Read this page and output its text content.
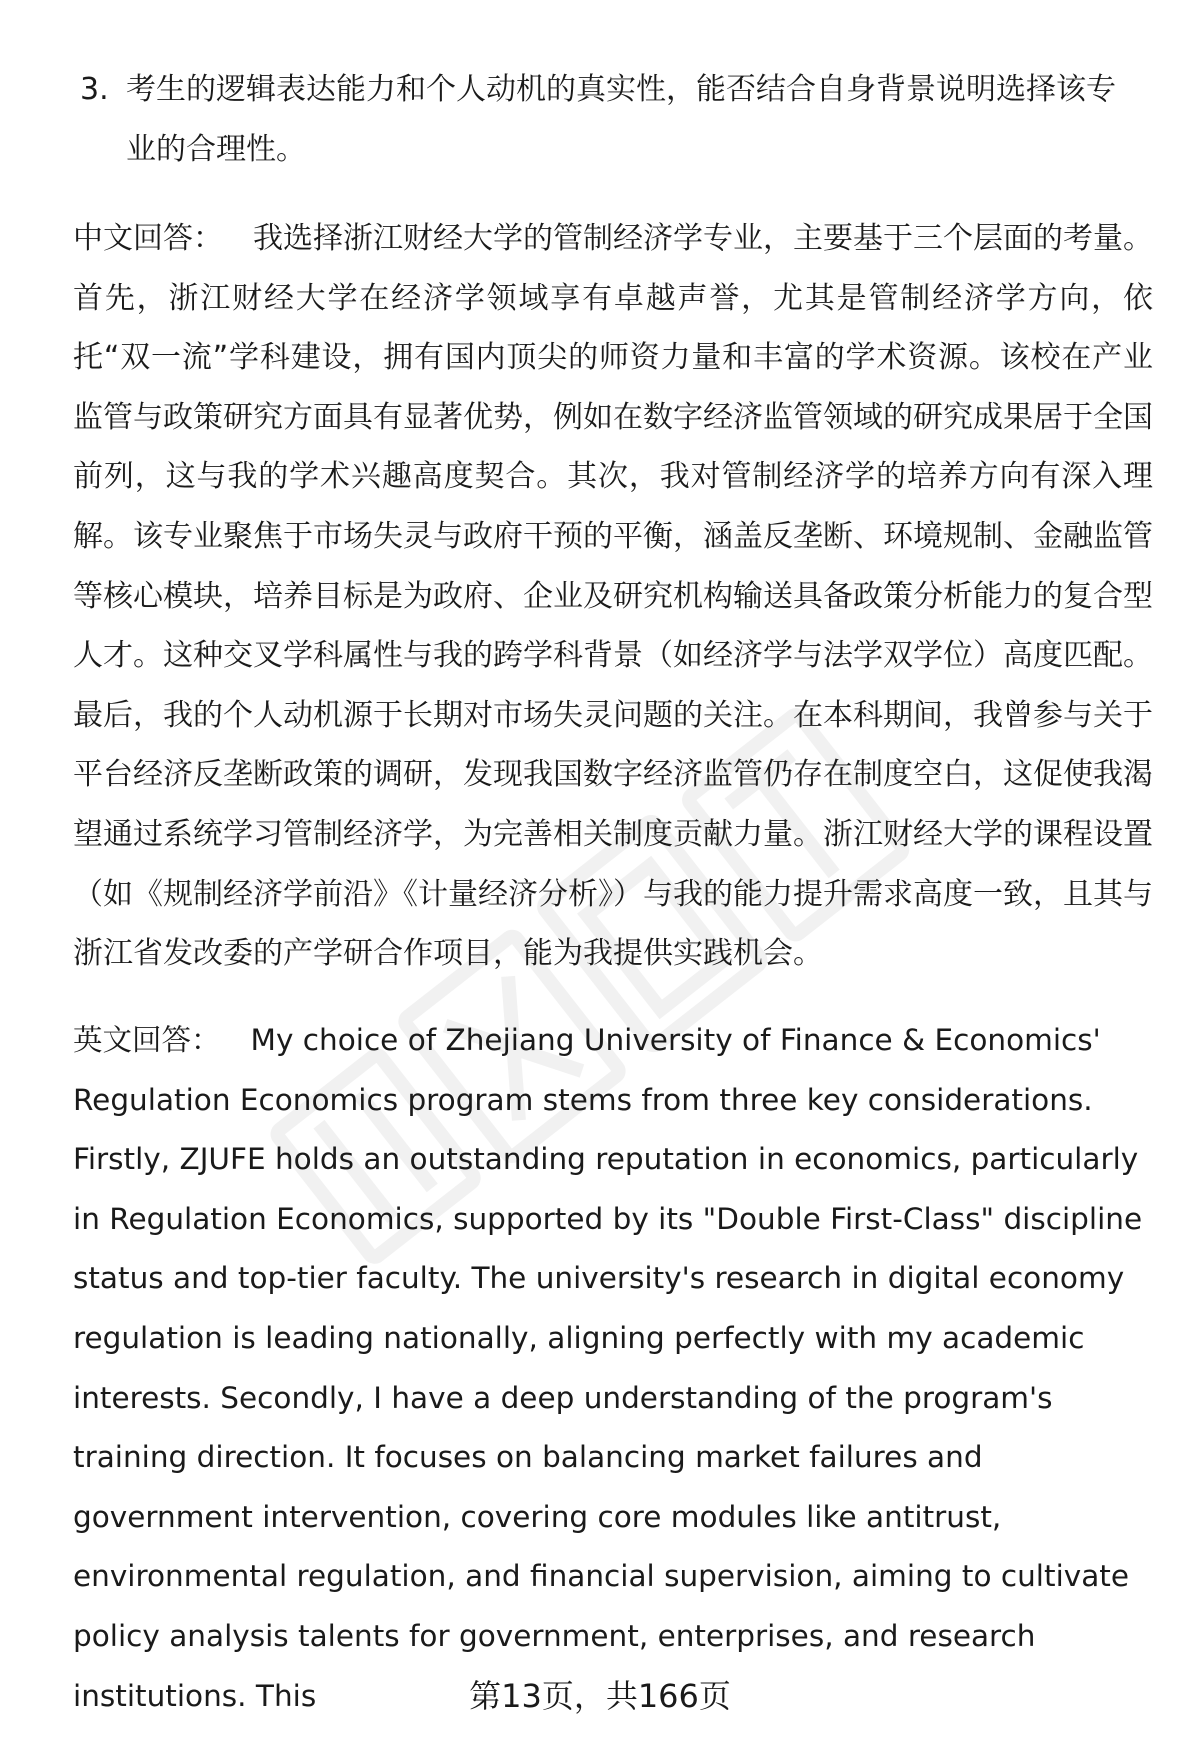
3. 考生的逻辑表达能力和个人动机的真实性，能否结合自身背景说明选择该专业的合理性。
中文回答： 我选择浙江财经大学的管制经济学专业，主要基于三个层面的考量。首先，浙江财经大学在经济学领域享有卓越声誉，尤其是管制经济学方向，依托“双一流”学科建设，拥有国内顶尖的师资力量和丰富的学术资源。该校在产业监管与政策研究方面具有显著优势，例如在数字经济监管领域的研究成果居于全国前列，这与我的学术兴趣高度契合。其次，我对管制经济学的培养方向有深入理解。该专业聚焦于市场失灵与政府干预的平衡，涵盖反垄断、环境规制、金融监管等核心模块，培养目标是为政府、企业及研究机构输送具备政策分析能力的复合型人才。这种交叉学科属性与我的跨学科背景（如经济学与法学双学位）高度匹配。最后，我的个人动机源于长期对市场失灵问题的关注。在本科期间，我曾参与关于平台经济反垄断政策的调研，发现我国数字经济监管仍存在制度空白，这促使我渴望通过系统学习管制经济学，为完善相关制度贡献力量。浙江财经大学的课程设置（如《规制经济学前沿》《计量经济分析》）与我的能力提升需求高度一致，且其与浙江省发改委的产学研合作项目，能为我提供实践机会。
英文回答： My choice of Zhejiang University of Finance & Economics' Regulation Economics program stems from three key considerations. Firstly, ZJUFE holds an outstanding reputation in economics, particularly in Regulation Economics, supported by its "Double First-Class" discipline status and top-tier faculty. The university's research in digital economy regulation is leading nationally, aligning perfectly with my academic interests. Secondly, I have a deep understanding of the program's training direction. It focuses on balancing market failures and government intervention, covering core modules like antitrust, environmental regulation, and financial supervision, aiming to cultivate policy analysis talents for government, enterprises, and research institutions. This	第13页，共166页
